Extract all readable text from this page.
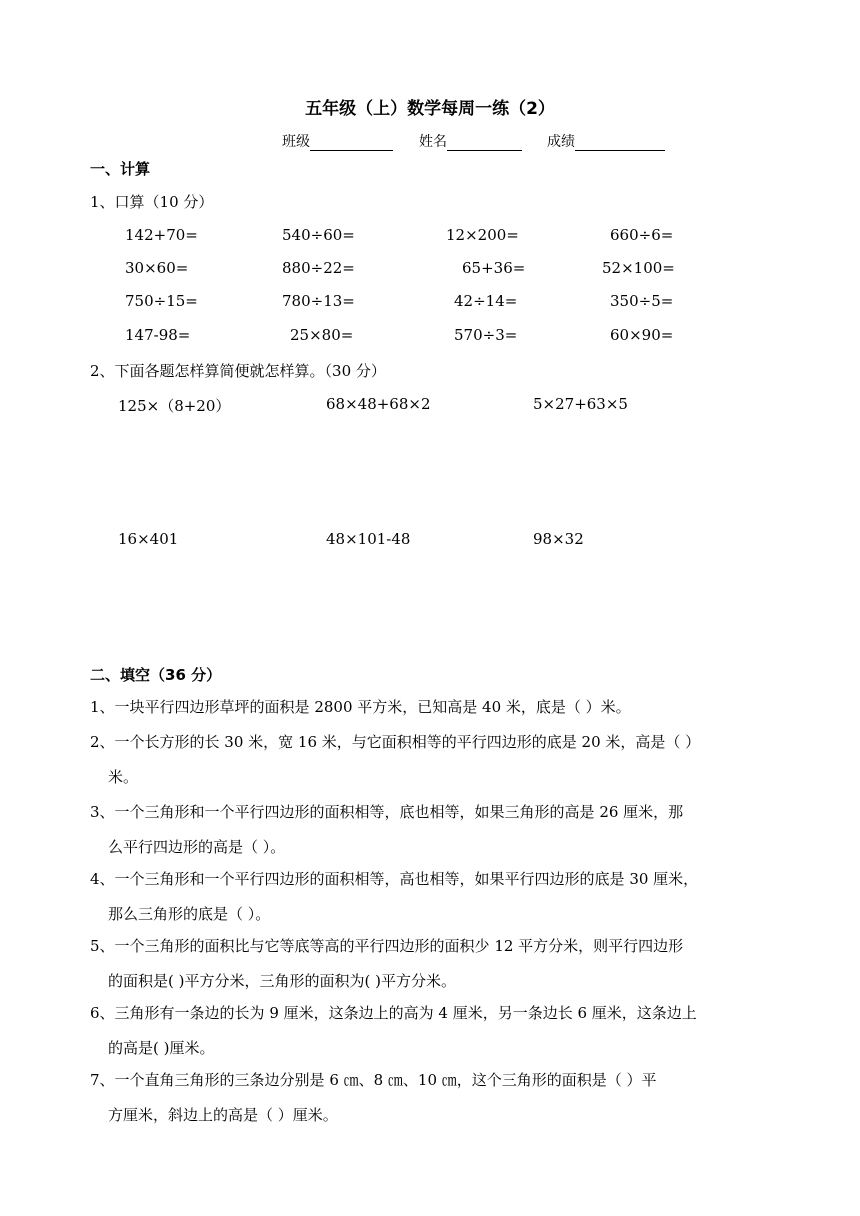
五年级（上）数学每周一练（2）
班级	姓名	成绩
一、计算
1、口算（10 分）
142+70=	540÷60=	12×200=	660÷6=
30×60=	880÷22=	65+36=	52×100=
750÷15=	780÷13=	42÷14=	350÷5=
147-98=	25×80=	570÷3=	60×90=
2、下面各题怎样算简便就怎样算。（30 分）
125×（8+20）	68×48+68×2	5×27+63×5
16×401	48×101-48	98×32
二、填空（36 分）
1、一块平行四边形草坪的面积是 2800 平方米，已知高是 40 米，底是（ ）米。
2、一个长方形的长 30 米，宽 16 米，与它面积相等的平行四边形的底是 20 米，高是（ ）
米。
3、一个三角形和一个平行四边形的面积相等，底也相等，如果三角形的高是 26 厘米，那
么平行四边形的高是（ ）。
4、一个三角形和一个平行四边形的面积相等，高也相等，如果平行四边形的底是 30 厘米，
那么三角形的底是（ ）。
5、一个三角形的面积比与它等底等高的平行四边形的面积少 12 平方分米，则平行四边形
的面积是( )平方分米，三角形的面积为( )平方分米。
6、三角形有一条边的长为 9 厘米，这条边上的高为 4 厘米，另一条边长 6 厘米，这条边上
的高是( )厘米。
7、一个直角三角形的三条边分别是 6 ㎝、8 ㎝、10 ㎝，这个三角形的面积是（ ）平
方厘米，斜边上的高是（ ）厘米。
